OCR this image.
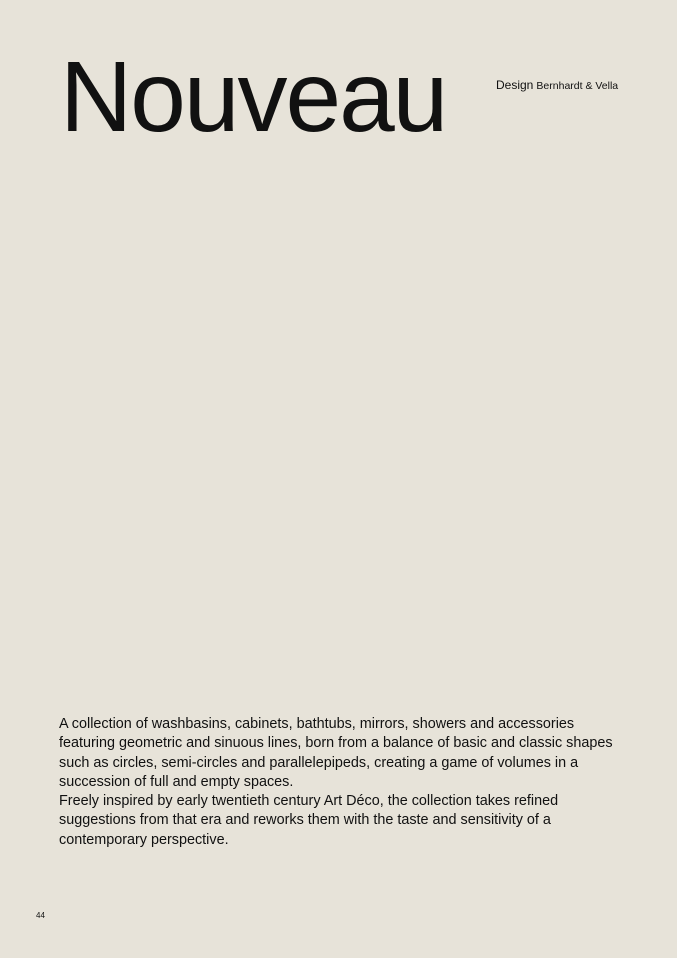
Nouveau	Design Bernhardt & Vella

A collection of washbasins, cabinets, bathtubs, mirrors, showers and accessories featuring geometric and sinuous lines, born from a balance of basic and classic shapes such as circles, semi-circles and parallelepipeds, creating a game of volumes in a succession of full and empty spaces.

Freely inspired by early twentieth century Art Déco, the collection takes refined suggestions from that era and reworks them with the taste and sensitivity of a contemporary perspective.

44
